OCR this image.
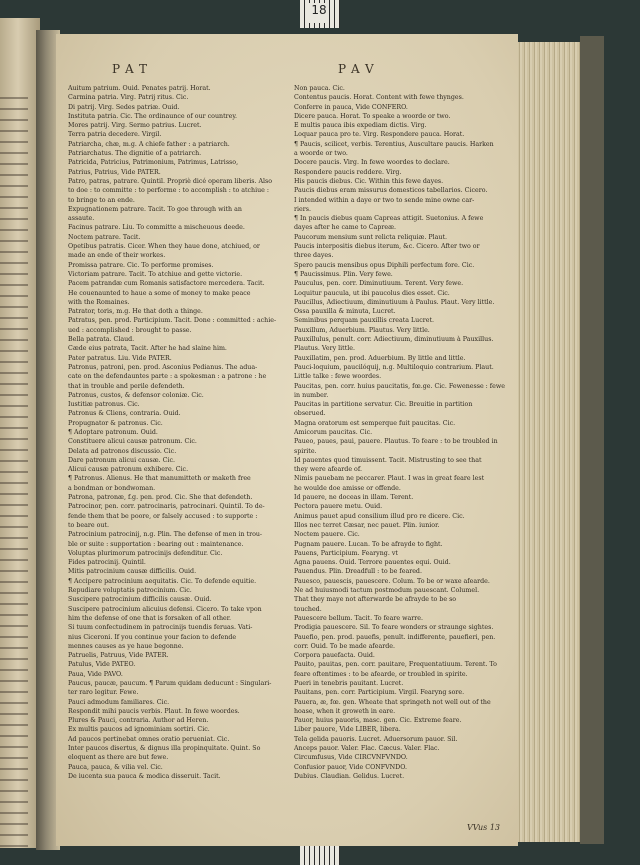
18
PAT	PAV
Auitum patrium. Ouid. Penates patrij. Horat.
Carmina patria. Virg. Patrij ritus. Cic.
Di patrij. Virg. Sedes patriæ. Ouid.
Instituta patria. Cic. The ordinaunce of our countrey.
Mores patrij. Virg. Sermo patrius. Lucret.
Terra patria decedere. Virgil.
Patriarcha, chæ, m.g. A chiefe father : a patriarch.
Patriarchatus. The dignitie of a patriarch.
Patricida, Patricius, Patrimonium, Patrimus, Latrisso,
Patrius, Patrius, Vide PATER.
Patro, patras, patrare. Quintil. Propriè dicé operam liberis. Also
to doe : to committe : to performe : to accomplish : to atchiue :
to bringe to an ende.
Expugnationem patrare. Tacit. To goe through with an
assaute.
Facinus patrare. Liu. To committe a mischeuous deede.
Noctem patrare. Tacit.
Opetibus patratis. Cicer. When they haue done, atchiued, or
made an ende of their workes.
Promissa patrare. Cic. To performe promises.
Victoriam patrare. Tacit. To atchiue and gette victorie.
Pacem patrandæ cum Romanis satisfactore mercedera. Tacit.
He couenaunted to haue a some of money to make peace
with the Romaines.
Patrator, toris, m.g. He that doth a thinge.
Patratus, pen. prod. Participium. Tacit. Done : committed : achie-
ued : accomplished : brought to passe.
Bella patrata. Claud.
Cæde eius patrata, Tacit. After he had slaine him.
Pater patratus. Liu. Vide PATER.
Patronus, patroni, pen. prod. Asconius Pedianus. The adua-
cate on the defendauntes parte : a spokesman : a patrone : he
that in trouble and perile defendeth.
Patronus, custos, & defensor coloniæ. Cic.
Iustitiæ patronus. Cic.
Patronus & Cliens, contraria. Ouid.
Propugnator & patronus. Cic.
¶ Adoptare patronum. Ouid.
Constituere alicui causæ patronum. Cic.
Delata ad patronos discussio. Cic.
Dare patronum alicui causæ. Cic.
Alicui causæ patronum exhibere. Cic.
¶ Patronus. Alienus. He that manumitteth or maketh free
a bondman or bondwoman.
Patrona, patronæ, f.g. pen. prod. Cic. She that defendeth.
Patrocinor, pen. corr. patrocinaris, patrocinari. Quintil. To de-
fende them that be poore, or falsely accused : to supporte :
to beare out.
Patrocinium patrocinij, n.g. Plin. The defense of men in trou-
ble or suite : supportation : bearing out : maintenance.
Voluptas plurimorum patrocinijs defenditur. Cic.
Fides patrocinij. Quintil.
Mitis patrocinium causæ difficilis. Ouid.
¶ Accipere patrocinium aequitatis. Cic. To defende equitie.
Repudiare voluptatis patrocinium. Cic.
Suscipere patrocinium difficilis causæ. Ouid.
Suscipere patrocinium alicuius defensi. Cicero. To take vpon
him the defense of one that is forsaken of all other.
Si tuum confectudinem in patrocinijs tuendis feruas. Vati-
nius Ciceroni. If you continue your facion to defende
mennes causes as ye haue begonne.
Patruelis, Patruus, Vide PATER.
Patulus, Vide PATEO.
Paua, Vide PAVO.
Paucus, paucæ, paucum. ¶ Parum quidam deducunt : Singulari-
ter raro legitur. Fewe.
Pauci admodum familiares. Cic.
Respondit mihi paucis verbis. Plaut. In fewe woordes.
Plures & Pauci, contraria. Author ad Heren.
Ex multis paucos ad ignominiam sortiri. Cic.
Ad paucos pertinebat omnes oratio perueniat. Cic.
Inter paucos disertus, & dignus illa propinquitate. Quint. So
eloquent as there are but fewe.
Pauca, pauca, & vilia vel. Cic.
De iucenta sua pauca & modica disseruit. Tacit.
Non pauca. Cic.
Contentus paucis. Horat. Content with fewe thynges.
Conferre in pauca, Vide CONFERO.
Dicere pauca. Horat. To speake a woorde or two.
E multis pauca ibis expediam dictis. Virg.
Loquar pauca pro te. Virg. Respondere pauca. Horat.
¶ Paucis, scilicet, verbis. Terentius, Auscultare paucis. Harken
a woorde or two.
Docere paucis. Virg. In fewe woordes to declare.
Respondere paucis reddere. Virg.
His paucis diebus. Cic. Within this fewe dayes.
Paucis diebus eram missurus domesticos tabellarios. Cicero.
I intended within a daye or two to sende mine owne car-
riers.
¶ In paucis diebus quam Capreas attigit. Suetonius. A fewe
dayes after he came to Capreæ.
Paucorum mensium sunt relicta reliquiæ. Plaut.
Paucis interpositis diebus iterum, &c. Cicero. After two or
three dayes.
Spero paucis mensibus opus Diphili perfectum fore. Cic.
¶ Paucissimus. Plin. Very fewe.
Pauculus, pen. corr. Diminutiuum. Terent. Very fewe.
Loquitur paucula, ut ibi paucolus dies esset. Cic.
Paucillus, Adiectiuum, diminutiuum à Paulus. Plaut. Very little.
Ossa pauxilla & minuta, Lucret.
Seminibus perquam pauxillis creata Lucret.
Pauxillum, Aduerbium. Plautus. Very little.
Pauxillulus, penult. corr. Adiectiuum, diminutiuum à Pauxillus.
Plautus. Very little.
Pauxillatim, pen. prod. Aduerbium. By little and little.
Pauci-loquium, paucilóquij, n.g. Multiloquio contrarium. Plaut.
Little talke : fewe woordes.
Paucitas, pen. corr. huius paucitatis, fœ.ge. Cic. Fewenesse : fewe
in number.
Paucitas in partitione servatur. Cic. Breuitie in partition
obserued.
Magna oratorum est semperque fuit paucitas. Cic.
Amicorum paucitas. Cic.
Paueo, paues, paui, pauere. Plautus. To feare : to be troubled in
spirite.
Id pauentes quod timuissent. Tacit. Mistrusting to see that
they were afearde of.
Nimis pauebam ne peccarer. Plaut. I was in great feare lest
he woulde doe amisse or offende.
Id pauere, ne doceas in illam. Terent.
Pectora pauere metu. Ouid.
Animus pauet apud consilium illud pro re dicere. Cic.
Illos nec terret Cæsar, nec pauet. Plin. iunior.
Noctem pauere. Cic.
Pugnam pauere. Lucan. To be afrayde to fight.
Pauens, Participium. Fearyng. vt
Agna pauens. Ouid. Terrore pauentes equi. Ouid.
Pauendus. Plin. Dreadfull : to be feared.
Pauesco, pauescis, pauescere. Colum. To be or waxe afearde.
Ne ad huiusmodi tactum postmodum pauescant. Columel.
That they maye not afterwarde be afrayde to be so
touched.
Pauescere bellum. Tacit. To feare warre.
Prodigia pauescere. Sil. To feare wonders or straunge sightes.
Pauefio, pen. prod. pauefis, penult. indifferente, pauefieri, pen.
corr. Ouid. To be made afearde.
Corpora pauefacta. Ouid.
Pauito, pauitas, pen. corr. pauitare, Frequentatiuum. Terent. To
feare oftentimes : to be afearde, or troubled in spirite.
Pueri in tenebris pauitant. Lucret.
Pauitans, pen. corr. Participium. Virgil. Fearyng sore.
Pauera, æ, fœ. gen. Wheate that springeth not well out of the
hoase, when it groweth in eare.
Pauor, huius pauoris, masc. gen. Cic. Extreme feare.
Liber pauore, Vide LIBER, libera.
Tela gelida pauoris. Lucret. Aduersorum pauor. Sil.
Anceps pauor. Valer. Flac. Cæcus. Valer. Flac.
Circumfusus, Vide CIRCVNFVNDO.
Confusior pauor, Vide CONFVNDO.
Dubius. Claudian. Gelidus. Lucret.
VVus 13
